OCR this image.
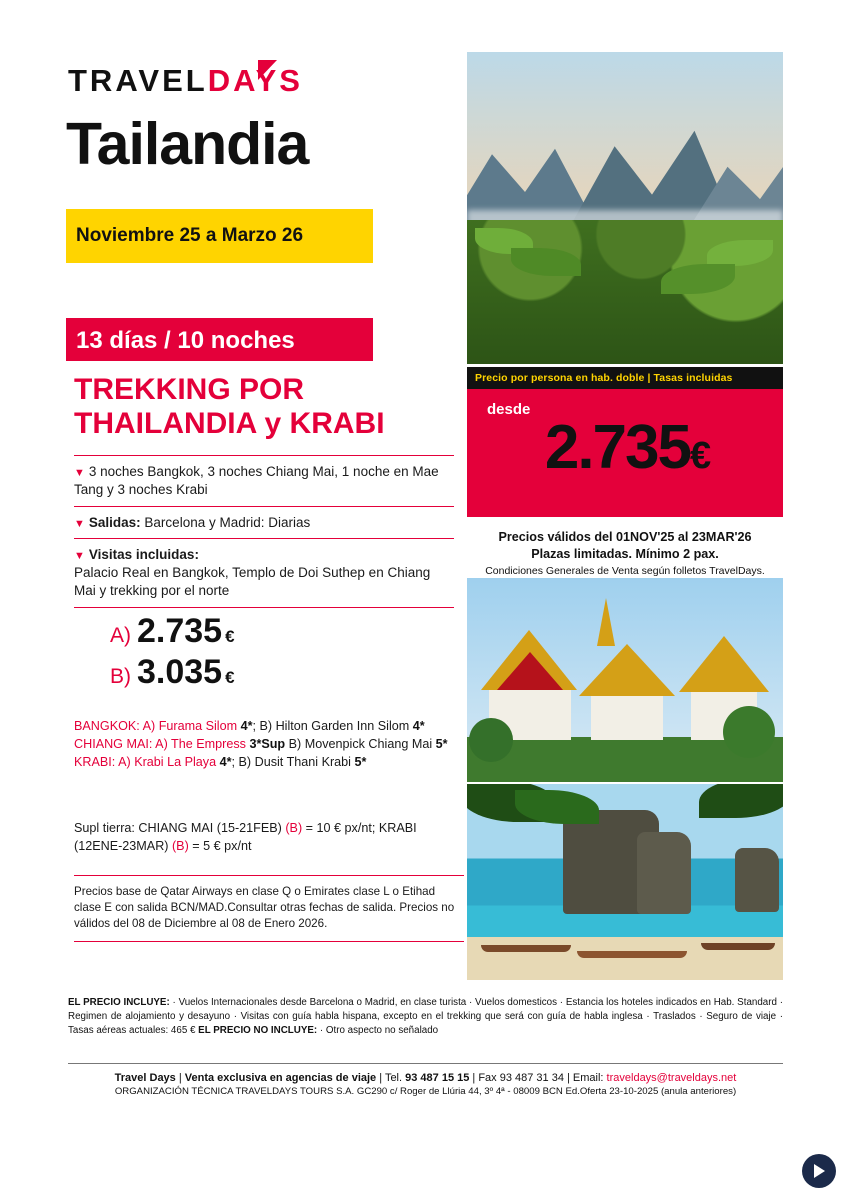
TRAVELDAYS
Tailandia
Noviembre 25 a Marzo 26
13 días / 10 noches
TREKKING POR
THAILANDIA y KRABI
▼ 3 noches Bangkok, 3 noches Chiang Mai, 1 noche en Mae Tang y 3 noches Krabi
▼ Salidas: Barcelona y Madrid: Diarias
▼ Visitas incluidas:
Palacio Real en Bangkok, Templo de Doi Suthep en Chiang Mai y trekking por el norte
A) 2.735 €
B) 3.035 €
BANGKOK: A) Furama Silom 4*; B) Hilton Garden Inn Silom 4*
CHIANG MAI: A) The Empress 3*Sup B) Movenpick Chiang Mai 5*
KRABI: A) Krabi La Playa 4*; B) Dusit Thani Krabi 5*
Supl tierra: CHIANG MAI (15-21FEB) (B) = 10 € px/nt; KRABI (12ENE-23MAR) (B) = 5 € px/nt
Precios base de Qatar Airways en clase Q o Emirates clase L o Etihad clase E con salida BCN/MAD.Consultar otras fechas de salida. Precios no válidos del 08 de Diciembre al 08 de Enero 2026.
Precio por persona en hab. doble | Tasas incluidas
desde
2.735€
Precios válidos del 01NOV'25 al 23MAR'26
Plazas limitadas. Mínimo 2 pax.
Condiciones Generales de Venta según folletos TravelDays.
EL PRECIO INCLUYE: · Vuelos Internacionales desde Barcelona o Madrid, en clase turista · Vuelos domesticos · Estancia los hoteles indicados en Hab. Standard · Regimen de alojamiento y desayuno · Visitas con guía habla hispana, excepto en el trekking que será con guía de habla inglesa · Traslados · Seguro de viaje · Tasas aéreas actuales: 465 € EL PRECIO NO INCLUYE: · Otro aspecto no señalado
Travel Days | Venta exclusiva en agencias de viaje | Tel. 93 487 15 15 | Fax 93 487 31 34 | Email: traveldays@traveldays.net
ORGANIZACIÓN TÉCNICA TRAVELDAYS TOURS S.A. GC290 c/ Roger de Llúria 44, 3º 4ª - 08009 BCN Ed.Oferta 23-10-2025 (anula anteriores)
